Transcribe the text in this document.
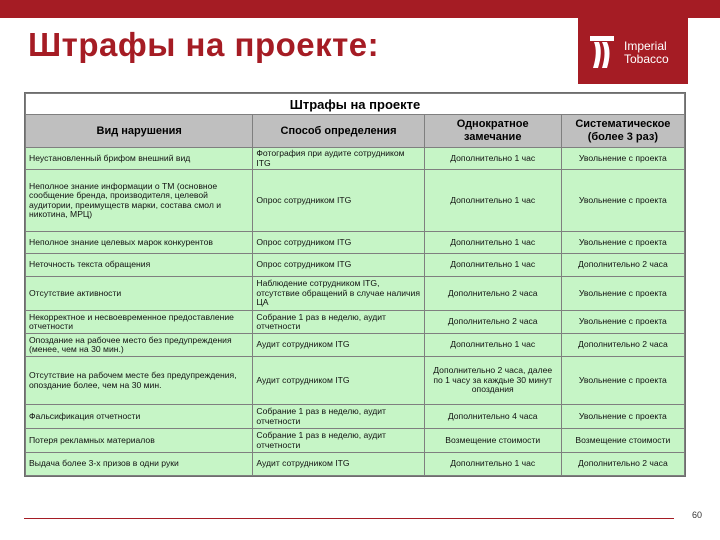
Штрафы на проекте:	Imperial
Tobacco
Штрафы на проекте			
Вид нарушения	Способ определения	Однократное замечание	Систематическое (более 3 раз)
Неустановленный брифом внешний вид	Фотография при аудите сотрудником ITG	Дополнительно 1 час	Увольнение с проекта
Неполное знание информации о ТМ (основное сообщение бренда, производителя, целевой аудитории, преимуществ марки, состава смол и никотина, МРЦ)	Опрос сотрудником ITG	Дополнительно 1 час	Увольнение с проекта
Неполное знание целевых марок конкурентов	Опрос сотрудником ITG	Дополнительно 1 час	Увольнение с проекта
Неточность текста обращения	Опрос сотрудником ITG	Дополнительно 1 час	Дополнительно 2 часа
Отсутствие активности	Наблюдение сотрудником ITG, отсутствие обращений в случае наличия ЦА	Дополнительно 2 часа	Увольнение с проекта
Некорректное и несвоевременное предоставление отчетности	Собрание 1 раз в неделю, аудит отчетности	Дополнительно 2 часа	Увольнение с проекта
Опоздание на рабочее место без предупреждения (менее, чем на 30 мин.)	Аудит сотрудником ITG	Дополнительно 1 час	Дополнительно 2 часа
Отсутствие на рабочем месте без предупреждения, опоздание более, чем на 30 мин.	Аудит сотрудником ITG	Дополнительно 2 часа, далее по 1 часу за каждые 30 минут опоздания	Увольнение с проекта
Фальсификация отчетности	Собрание 1 раз в неделю, аудит отчетности	Дополнительно 4 часа	Увольнение с проекта
Потеря рекламных материалов	Собрание 1 раз в неделю, аудит отчетности	Возмещение стоимости	Возмещение стоимости
Выдача более 3-х призов в одни руки	Аудит сотрудником ITG	Дополнительно 1 час	Дополнительно 2 часа
60
